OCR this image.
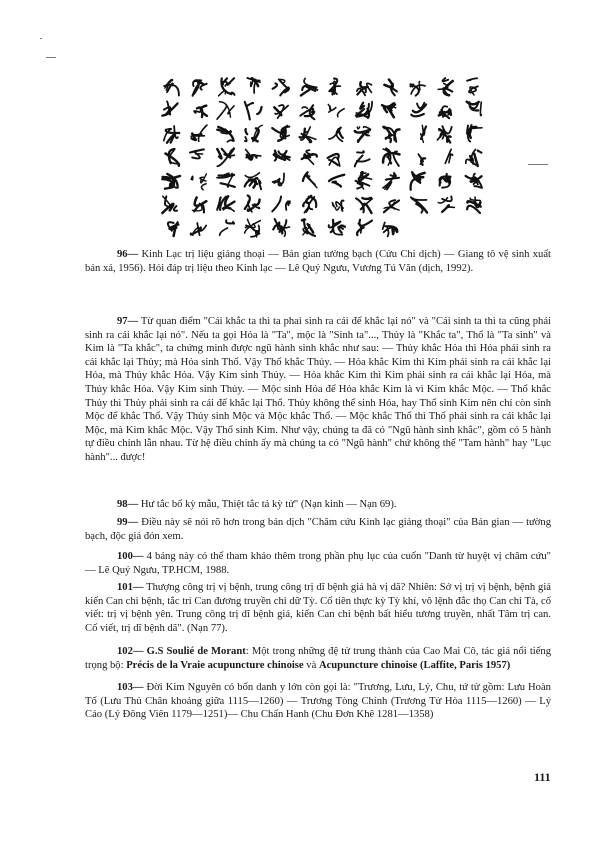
96— Kinh Lạc trị liệu giảng thoại — Bản gian tường bạch (Cửu Chi dịch) — Giang tô vệ sinh xuất bản xá, 1956). Hỏi đáp trị liệu theo Kinh lạc — Lê Quý Ngưu, Vương Tú Văn (dịch, 1992).

97— Từ quan điểm "Cái khắc ta thì ta phai sinh ra cái để khắc lại nó" và "Cái sinh ta thì ta cũng phải sinh ra cái khắc lại nó". Nếu ta gọi Hỏa là "Ta", mộc là "Sinh ta"..., Thủy là "Khắc ta", Thổ là "Ta sinh" và Kim là "Ta khắc", ta chứng minh được ngũ hành sinh khắc như sau: — Thủy khắc Hỏa thì Hỏa phải sinh ra cái khắc lại Thủy; mà Hỏa sinh Thổ. Vậy Thổ khắc Thủy. — Hỏa khắc Kim thì Kim phải sinh ra cái khắc lại Hỏa, mà Thủy khắc Hỏa. Vậy Kim sinh Thủy. — Hỏa khắc Kim thì Kim phải sinh ra cái khắc lại Hỏa, mà Thủy khắc Hỏa. Vậy Kim sinh Thủy. — Mộc sinh Hỏa để Hỏa khắc Kim là vì Kim khắc Mộc. — Thổ khắc Thủy thì Thủy phải sinh ra cái để khắc lại Thổ. Thủy không thể sinh Hỏa, hay Thổ sinh Kim nên chỉ còn sinh Mộc để khắc Thổ. Vậy Thủy sinh Mộc và Mộc khắc Thổ. — Mộc khắc Thổ thì Thổ phải sinh ra cái khắc lại Mộc, mà Kim khắc Mộc. Vậy Thổ sinh Kim. Như vậy, chúng ta đã có "Ngũ hành sinh khắc", gồm có 5 hành tự điều chỉnh lẫn nhau. Từ hệ điều chỉnh ấy mà chúng ta có "Ngũ hành" chứ không thể "Tam hành" hay "Lục hành"... được!

98— Hư tắc bổ kỳ mẫu, Thiệt tắc tả kỳ tử" (Nạn kinh — Nạn 69).

99— Điều này sẽ nói rõ hơn trong bản dịch "Châm cứu Kinh lạc giảng thoại" của Bản gian — tường bạch, độc giả đón xem.

100— 4 bảng này có thể tham khảo thêm trong phần phụ lục của cuốn "Danh từ huyệt vị châm cứu" — Lê Quý Ngưu, TP.HCM, 1988.

101— Thượng công trị vị bệnh, trung công trị dĩ bệnh giả hà vị dã? Nhiên: Sở vị trị vị bệnh, bệnh giả kiến Can chi bệnh, tắc tri Can đương truyền chi dữ Tỳ. Cố tiên thực kỳ Tỳ khí, vô lệnh đắc thọ Can chi Tà, cố viết: trị vị bệnh yên. Trung công trị dĩ bệnh giả, kiến Can chi bệnh bất hiểu tương truyền, nhất Tâm trị can. Cố viết, trị dĩ bệnh dã". (Nạn 77).

102— G.S Soulié de Morant: Một trong những đệ tử trung thành của Cao Mai Cô, tác giả nổi tiếng trọng bộ: Précis de la Vraie acupuncture chinoise và Acupuncture chinoise (Laffite, Paris 1957)

103— Đời Kim Nguyên có bốn danh y lớn còn gọi là: "Trương, Lưu, Lý, Chu, tứ tử gồm: Lưu Hoàn Tố (Lưu Thủ Chân khoảng giữa 1115—1260) — Trương Tòng Chính (Trương Tử Hòa 1115—1260) — Lý Cảo (Lý Đông Viên 1179—1251)— Chu Chấn Hanh (Chu Đơn Khê 1281—1358)

111
